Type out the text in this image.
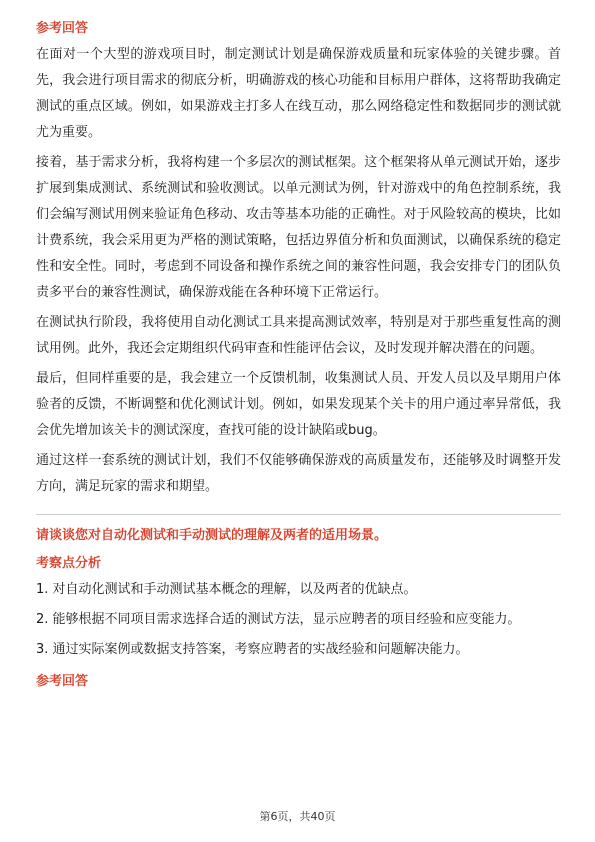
参考回答

在面对一个大型的游戏项目时，制定测试计划是确保游戏质量和玩家体验的关键步骤。首先，我会进行项目需求的彻底分析，明确游戏的核心功能和目标用户群体，这将帮助我确定测试的重点区域。例如，如果游戏主打多人在线互动，那么网络稳定性和数据同步的测试就尤为重要。

接着，基于需求分析，我将构建一个多层次的测试框架。这个框架将从单元测试开始，逐步扩展到集成测试、系统测试和验收测试。以单元测试为例，针对游戏中的角色控制系统，我们会编写测试用例来验证角色移动、攻击等基本功能的正确性。对于风险较高的模块，比如计费系统，我会采用更为严格的测试策略，包括边界值分析和负面测试，以确保系统的稳定性和安全性。同时，考虑到不同设备和操作系统之间的兼容性问题，我会安排专门的团队负责多平台的兼容性测试，确保游戏能在各种环境下正常运行。

在测试执行阶段，我将使用自动化测试工具来提高测试效率，特别是对于那些重复性高的测试用例。此外，我还会定期组织代码审查和性能评估会议，及时发现并解决潜在的问题。

最后，但同样重要的是，我会建立一个反馈机制，收集测试人员、开发人员以及早期用户体验者的反馈，不断调整和优化测试计划。例如，如果发现某个关卡的用户通过率异常低，我会优先增加该关卡的测试深度，查找可能的设计缺陷或bug。

通过这样一套系统的测试计划，我们不仅能够确保游戏的高质量发布，还能够及时调整开发方向，满足玩家的需求和期望。

请谈谈您对自动化测试和手动测试的理解及两者的适用场景。
考察点分析
1. 对自动化测试和手动测试基本概念的理解，以及两者的优缺点。
2. 能够根据不同项目需求选择合适的测试方法，显示应聘者的项目经验和应变能力。
3. 通过实际案例或数据支持答案，考察应聘者的实战经验和问题解决能力。
参考回答
第6页，共40页
